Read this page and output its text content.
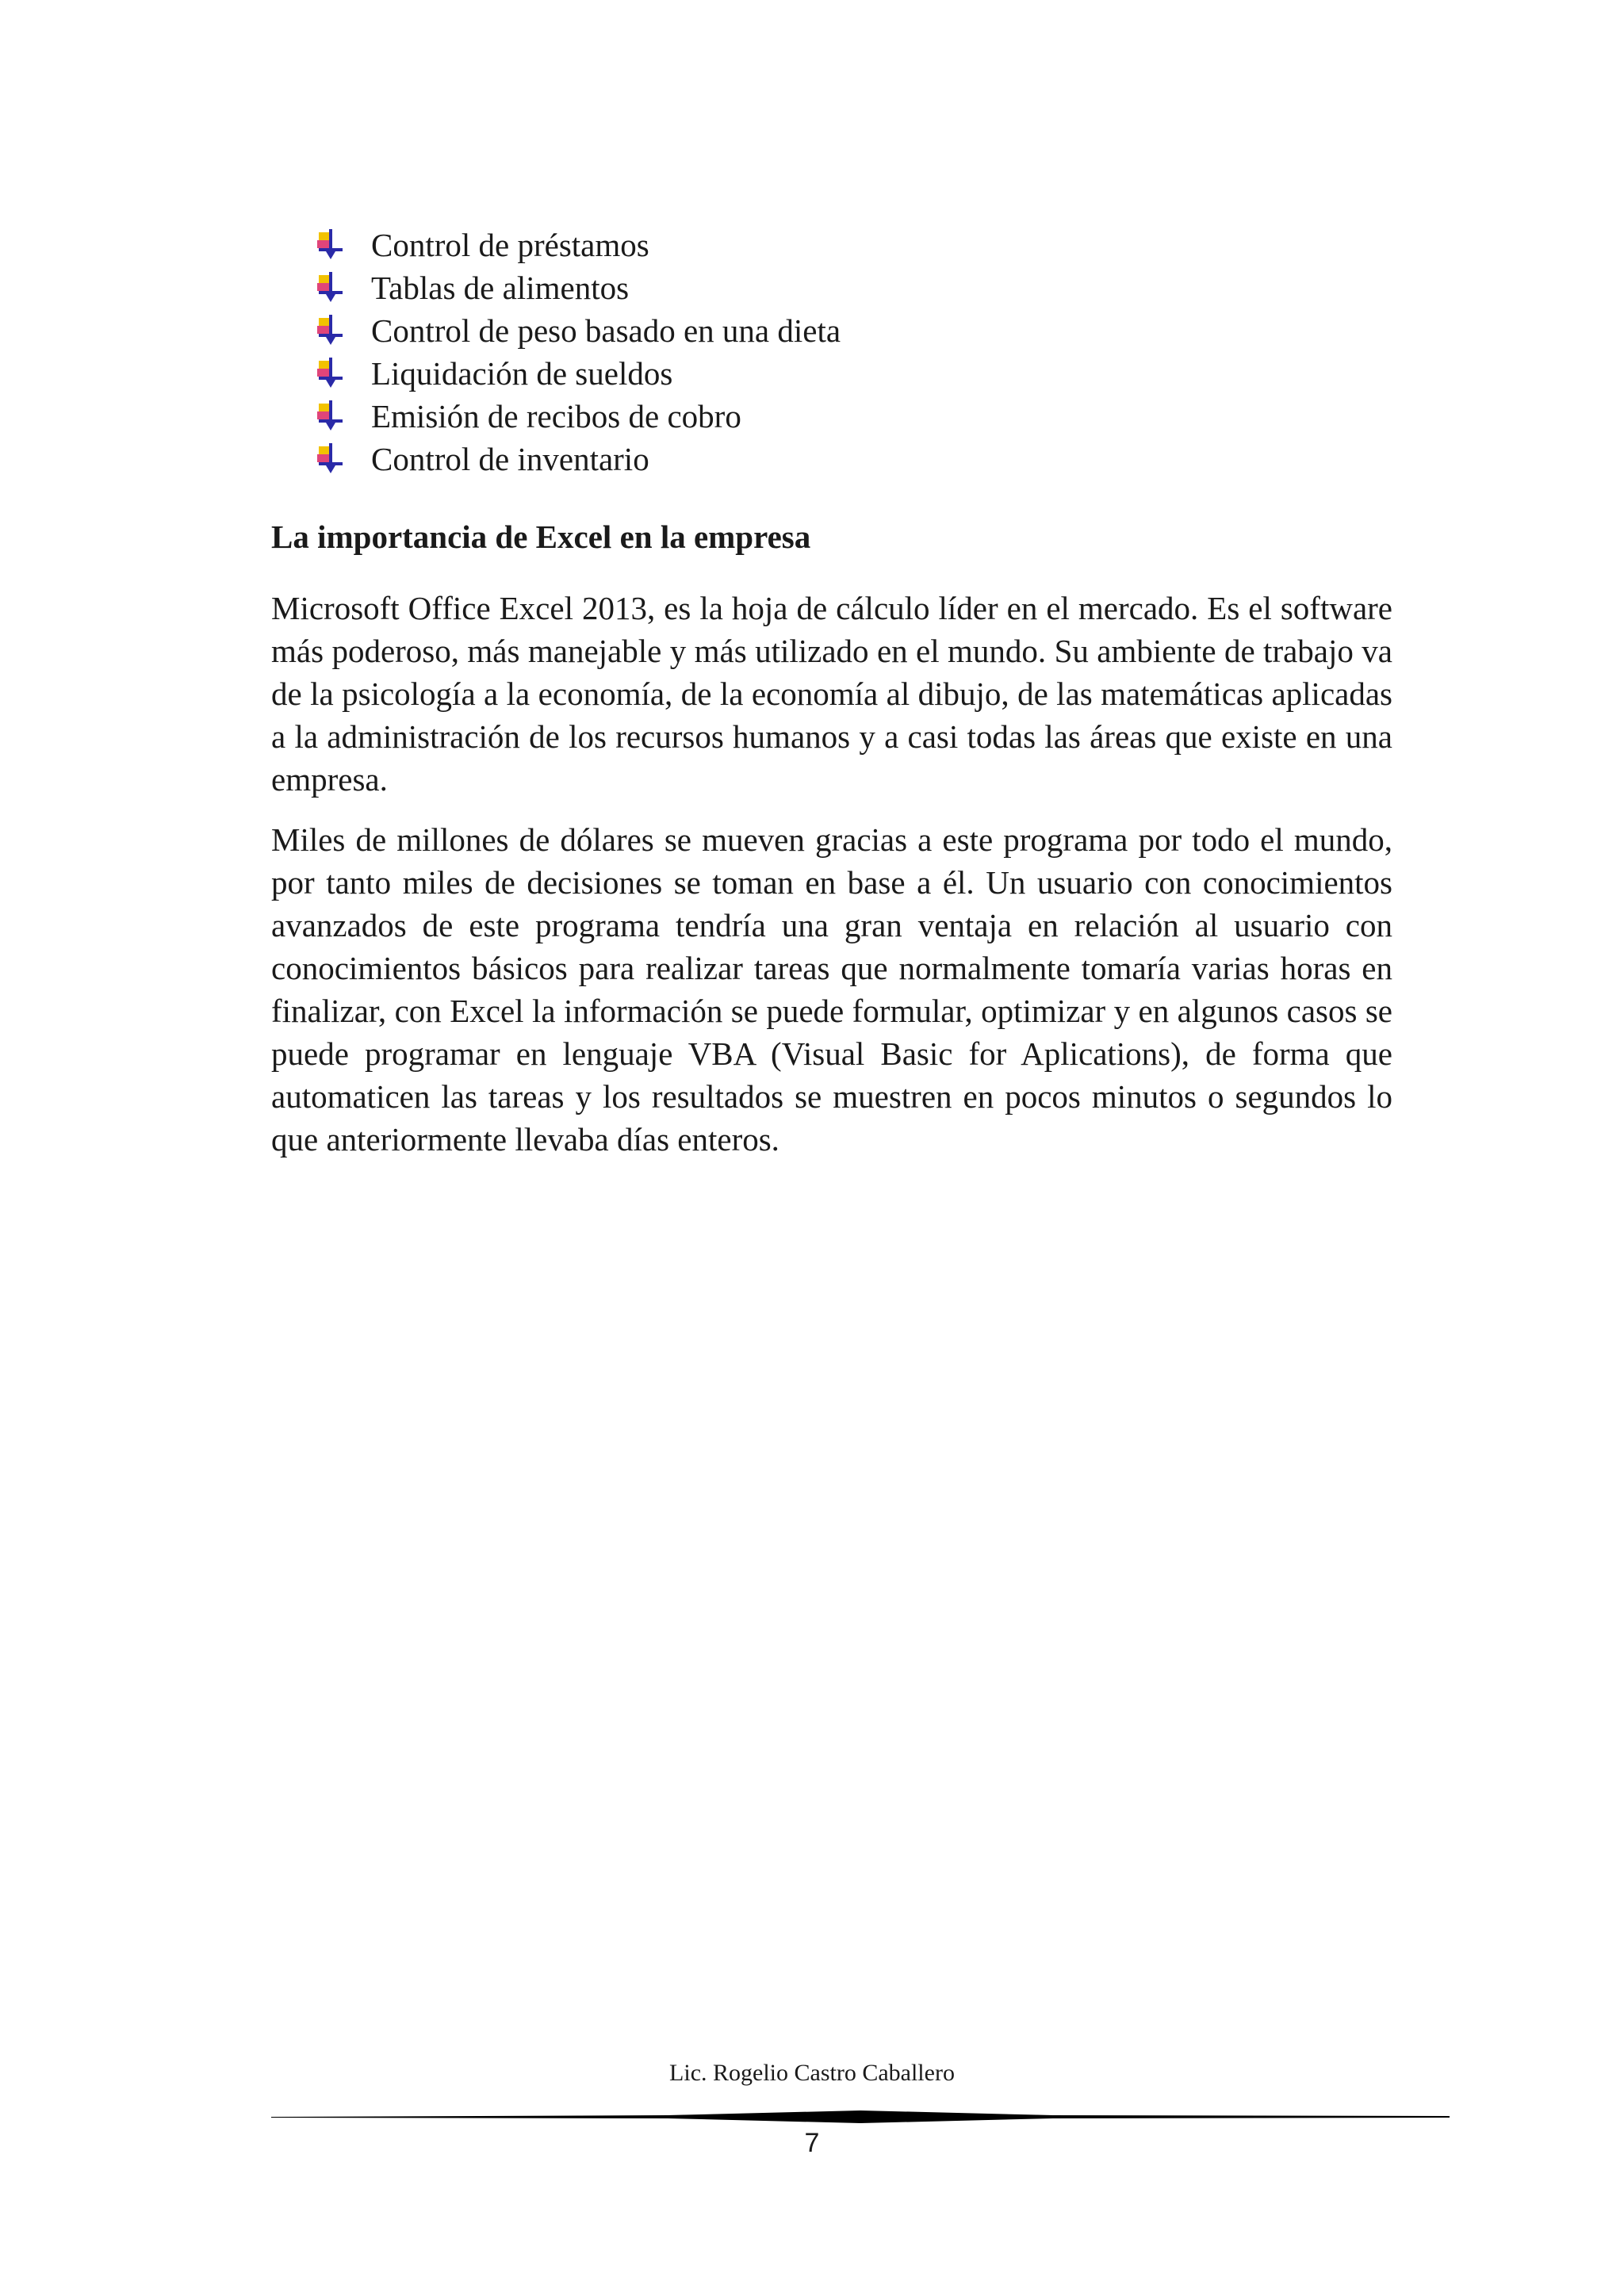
Control de préstamos
Tablas de alimentos
Control de peso basado en una dieta
Liquidación de sueldos
Emisión de recibos de cobro
Control de inventario
La importancia de Excel en la empresa

Microsoft Office Excel 2013, es la hoja de cálculo líder en el mercado. Es el software más poderoso, más manejable y más utilizado en el mundo. Su ambiente de trabajo va de la psicología a la economía, de la economía al dibujo, de las matemáticas aplicadas a la administración de los recursos humanos y a casi todas las áreas que existe en una empresa.

Miles de millones de dólares se mueven gracias a este programa por todo el mundo, por tanto miles de decisiones se toman en base a él. Un usuario con conocimientos avanzados de este programa tendría una gran ventaja en relación al usuario con conocimientos básicos para realizar tareas que normalmente tomaría varias horas en finalizar, con Excel la información se puede formular, optimizar y en algunos casos se puede programar en lenguaje VBA (Visual Basic for Aplications), de forma que automaticen las tareas y los resultados se muestren en pocos minutos o segundos lo que anteriormente llevaba días enteros.

Lic. Rogelio Castro Caballero
7
